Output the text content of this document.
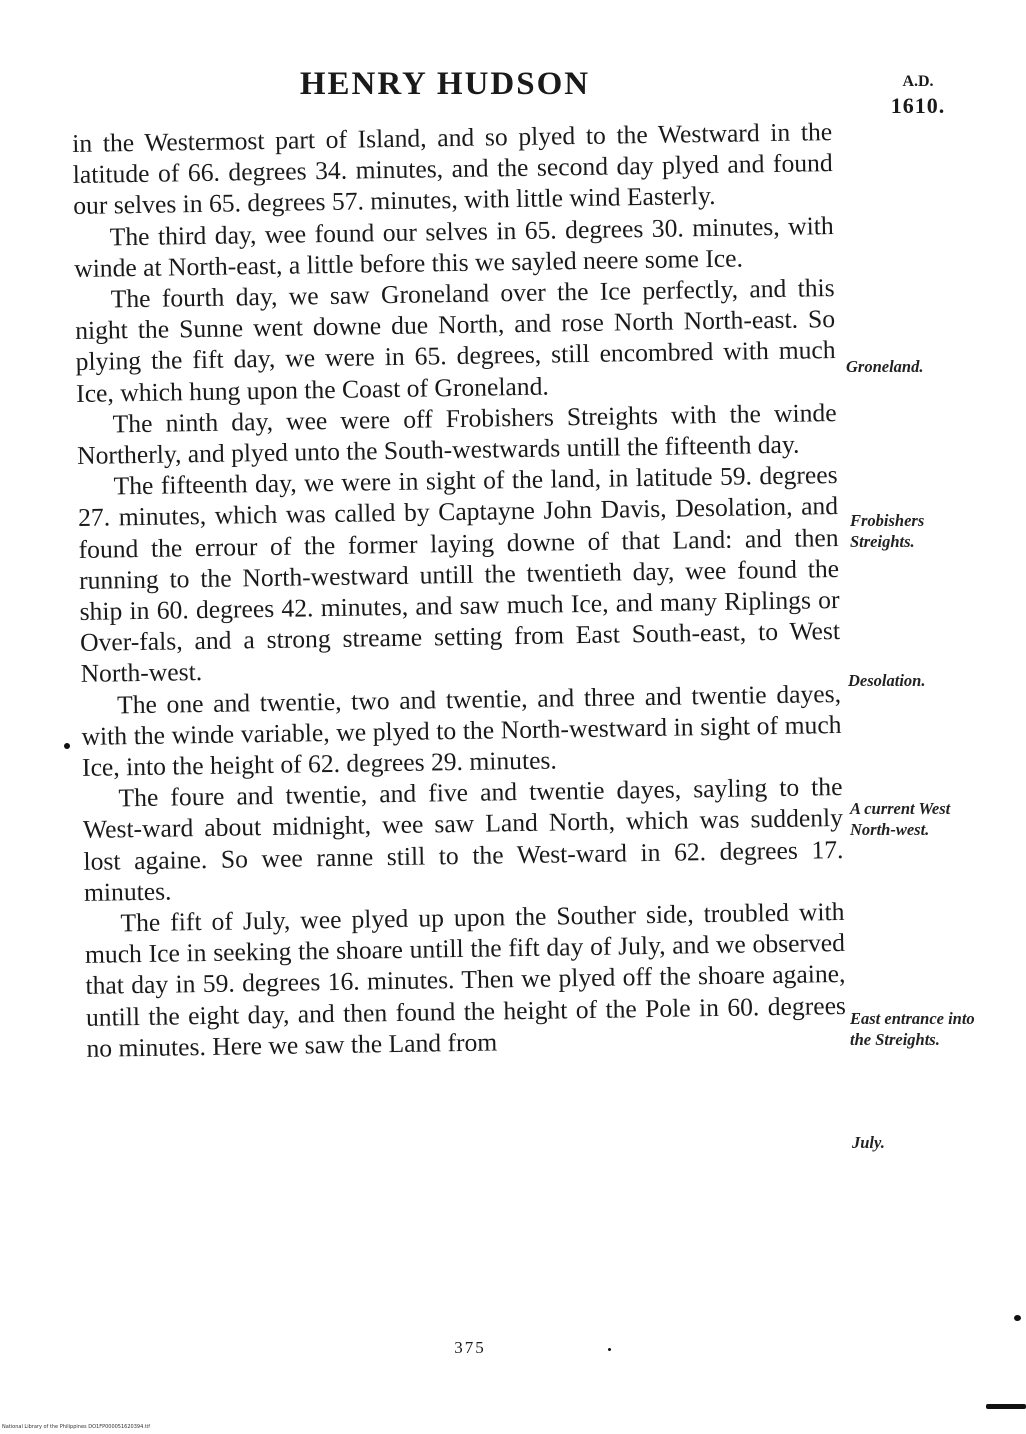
HENRY HUDSON	A.D.
1610.

in the Westermost part of Island, and so plyed to the Westward in the latitude of 66. degrees 34. minutes, and the second day plyed and found our selves in 65. degrees 57. minutes, with little wind Easterly.

The third day, wee found our selves in 65. degrees 30. minutes, with winde at North-east, a little before this we sayled neere some Ice.

The fourth day, we saw Groneland over the Ice perfectly, and this night the Sunne went downe due North, and rose North North-east. So plying the fift day, we were in 65. degrees, still encombred with much Ice, which hung upon the Coast of Groneland.

The ninth day, wee were off Frobishers Streights with the winde Northerly, and plyed unto the South-westwards untill the fifteenth day.

The fifteenth day, we were in sight of the land, in latitude 59. degrees 27. minutes, which was called by Captayne John Davis, Desolation, and found the errour of the former laying downe of that Land: and then running to the North-westward untill the twentieth day, wee found the ship in 60. degrees 42. minutes, and saw much Ice, and many Riplings or Over-fals, and a strong streame setting from East South-east, to West North-west.

The one and twentie, two and twentie, and three and twentie dayes, with the winde variable, we plyed to the North-westward in sight of much Ice, into the height of 62. degrees 29. minutes.

The foure and twentie, and five and twentie dayes, sayling to the West-ward about midnight, wee saw Land North, which was suddenly lost againe. So wee ranne still to the West-ward in 62. degrees 17. minutes.

The fift of July, wee plyed up upon the Souther side, troubled with much Ice in seeking the shoare untill the fift day of July, and we observed that day in 59. degrees 16. minutes. Then we plyed off the shoare againe, untill the eight day, and then found the height of the Pole in 60. degrees no minutes. Here we saw the Land from

Groneland.
Frobishers Streights.
Desolation.
A current West North-west.
East entrance into the Streights.
July.
375
National Library of the Philippines DO1FP000051620394.tif
